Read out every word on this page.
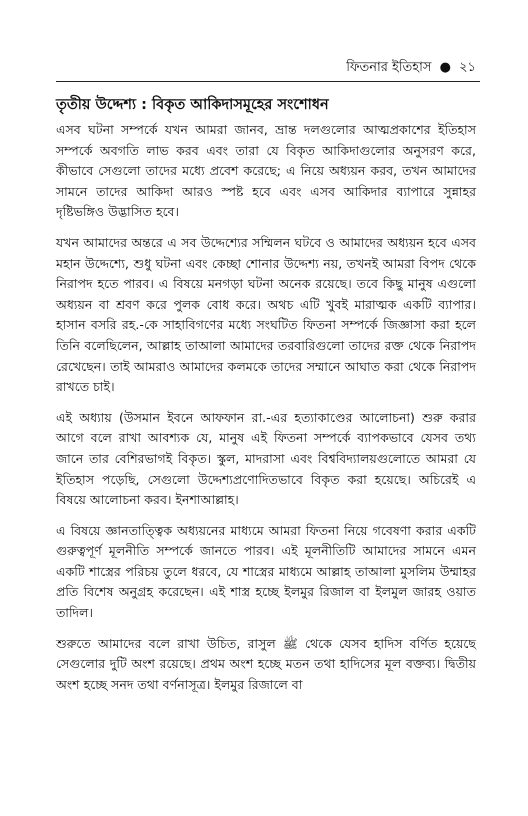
ফিতনার ইতিহাস ● ২১
তৃতীয় উদ্দেশ্য : বিকৃত আকিদাসমূহের সংশোধন

এসব ঘটনা সম্পর্কে যখন আমরা জানব, ভ্রান্ত দলগুলোর আত্মপ্রকাশের ইতিহাস সম্পর্কে অবগতি লাভ করব এবং তারা যে বিকৃত আকিদাগুলোর অনুসরণ করে, কীভাবে সেগুলো তাদের মধ্যে প্রবেশ করেছে; এ নিয়ে অধ্যয়ন করব, তখন আমাদের সামনে তাদের আকিদা আরও স্পষ্ট হবে এবং এসব আকিদার ব্যাপারে সুন্নাহর দৃষ্টিভঙ্গিও উদ্ভাসিত হবে।

যখন আমাদের অন্তরে এ সব উদ্দেশ্যের সম্মিলন ঘটবে ও আমাদের অধ্যয়ন হবে এসব মহান উদ্দেশ্যে, শুধু ঘটনা এবং কেচ্ছা শোনার উদ্দেশ্য নয়, তখনই আমরা বিপদ থেকে নিরাপদ হতে পারব। এ বিষয়ে মনগড়া ঘটনা অনেক রয়েছে। তবে কিছু মানুষ এগুলো অধ্যয়ন বা শ্রবণ করে পুলক বোধ করে। অথচ এটি খুবই মারাত্মক একটি ব্যাপার। হাসান বসরি রহ.-কে সাহাবিগণের মধ্যে সংঘটিত ফিতনা সম্পর্কে জিজ্ঞাসা করা হলে তিনি বলেছিলেন, আল্লাহ তাআলা আমাদের তরবারিগুলো তাদের রক্ত থেকে নিরাপদ রেখেছেন। তাই আমরাও আমাদের কলমকে তাদের সম্মানে আঘাত করা থেকে নিরাপদ রাখতে চাই।

এই অধ্যায় (উসমান ইবনে আফফান রা.-এর হত্যাকাণ্ডের আলোচনা) শুরু করার আগে বলে রাখা আবশ্যক যে, মানুষ এই ফিতনা সম্পর্কে ব্যাপকভাবে যেসব তথ্য জানে তার বেশিরভাগই বিকৃত। স্কুল, মাদরাসা এবং বিশ্ববিদ্যালয়গুলোতে আমরা যে ইতিহাস পড়েছি, সেগুলো উদ্দেশ্যপ্রণোদিতভাবে বিকৃত করা হয়েছে। অচিরেই এ বিষয়ে আলোচনা করব। ইনশাআল্লাহ।

এ বিষয়ে জ্ঞানতাত্ত্বিক অধ্যয়নের মাধ্যমে আমরা ফিতনা নিয়ে গবেষণা করার একটি গুরুত্বপূর্ণ মূলনীতি সম্পর্কে জানতে পারব। এই মূলনীতিটি আমাদের সামনে এমন একটি শাস্ত্রের পরিচয় তুলে ধরবে, যে শাস্ত্রের মাধ্যমে আল্লাহ তাআলা মুসলিম উম্মাহর প্রতি বিশেষ অনুগ্রহ করেছেন। এই শাস্ত্র হচ্ছে ইলমুর রিজাল বা ইলমুল জারহ ওয়াত তাদিল।

শুরুতে আমাদের বলে রাখা উচিত, রাসুল ﷺ থেকে যেসব হাদিস বর্ণিত হয়েছে সেগুলোর দুটি অংশ রয়েছে। প্রথম অংশ হচ্ছে মতন তথা হাদিসের মূল বক্তব্য। দ্বিতীয় অংশ হচ্ছে সনদ তথা বর্ণনাসূত্র। ইলমুর রিজালে বা
